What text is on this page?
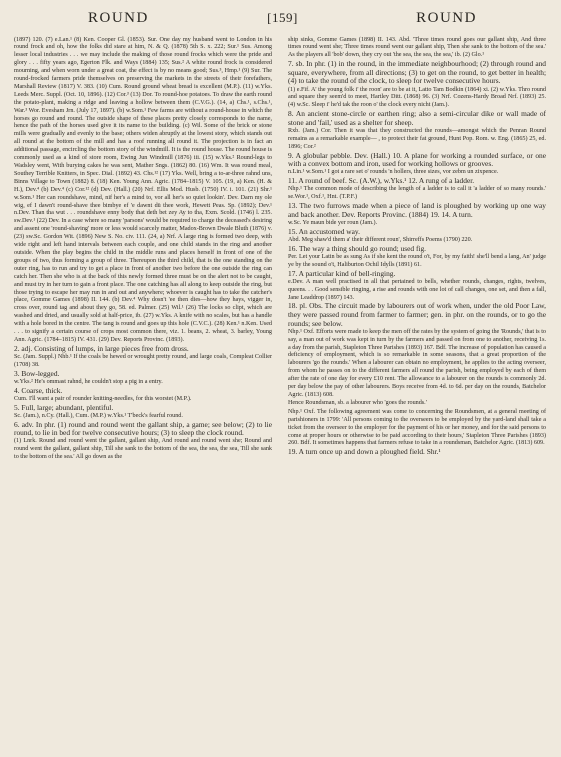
ROUND	[159]	ROUND

(1897) 120. (7) e.Lan.¹ (8) Ken. Cooper Gl. (1853). Sur. One day my husband went to London in his round frock and oh, how the folks did stare at him, N. & Q. (1878) 5th S. x. 222; Sur.¹ Sus. Among lesser local industries . . . we may include the making of those round frocks which were the pride and glory . . . fifty years ago, Egerton Flk. and Ways (1884) 135; Sus.² A white round frock is considered mourning, and when worn under a great coat, the effect is by no means good; Sus.³, Hmp.¹ (9) Sur. The round-frocked farmers pride themselves on preserving the markets in the streets of their forefathers, Marshall Review (1817) V. 383. (10) Cum. Round ground wheat bread is excellent (M.P.). (11) w.Yks. Leeds Merc. Suppl. (Oct. 10, 1896). (12) Cor.³ (13) Dor. To round-hoe potatoes. To draw the earth round the potato-plant, making a ridge and leaving a hollow between them (C.V.G.). (14, a) Chs.¹, s.Chs.¹, War.³ Wor. Evesham Jrn. (July 17, 1897). (b) w.Som.¹ Few farms are without a round-house in which the horses go round and round. The outside shape of these places pretty closely corresponds to the name, hence the path of the horses used give it its name to the building. (c) Wil. Some of the brick or stone mills were gradually and evenly to the base; others widen abruptly at the lowest story, which stands out all round at the bottom of the mill and has a roof running all round it. The projection is in fact an additional passage, encircling the bottom story of the windmill. It is the round house. The round house is commonly used as a kind of store room, Ewing Jun Windmill (1876) iii. (15) w.Yks.² Round-legs to Wadsley went, With burying cakes he was sent, Mather Sngs. (1862) 80. (16) Wm. It was round meal, Southey Terrible Knitters, in Spec. Dial. (1892) 43. Chs.¹² (17) Yks. Well, bring a to-ar-three rahnd uns, Binns Village to Town (1882) 8. (18) Ken. Young Ann. Agric. (1784–1815) V. 105. (19, a) Ken. (H. & H.), Dev.⁴ (b) Dev.⁴ (c) Cor.¹² (d) Dev. (Hall.) (20) Nrf. Ellis Mod. Husb. (1750) IV. i. 101. (21) Shr.¹ w.Som.¹ Her can roundshave, mind, nif her's a mind to, vor all her's so quiet lookin'. Dev. Darn my ole wig, ef I dawn't round-shave thee bimbye ef 'e dawnt dü thee work, Hewett Peas. Sp. (1892); Dev.¹ n.Dev. Than tha wut . . . roundshave enny body that deth bet zey Ay to tha, Exm. Scold. (1746) l. 235. sw.Dev.¹ (22) Dev. In a case where so many 'parsons' would be required to charge the deceased's desiring and assent one 'round-shaving' more or less would scarcely matter, Madox-Brown Dwale Bluth (1876) v. (23) sw.Sc. Gordon Wit. (1896) New S. No. civ. 111. (24, a) Nrf. A large ring is formed two deep, with wide right and left hand intervals between each couple, and one child stands in the ring and another outside. When the play begins the child in the middle runs and places herself in front of one of the groups of two, thus forming a group of three. Thereupon the third child, that is the one standing on the outer ring, has to run and try to get a place in front of another two before the one outside the ring can catch her. Then she who is at the back of this newly formed three must be on the alert not to be caught, and must try in her turn to gain a front place. The one catching has all along to keep outside the ring, but those trying to escape her may run in and out and anywhere; whoever is caught has to take the catcher's place, Gomme Games (1898) II. 144. (b) Dev.⁴ Why dosn't 'ee then dies—how they hays, vigger in, cross over, round tag and about they go, 58. ed. Palmer. (25) Wil.¹ (26) The locks so clipt, which are washed and dried, and usually sold at half-price, ib. (27) w.Yks. A knife with no scales, but has a handle with a hole bored in the centre. The tang is round and goes up this hole (C.V.C.). (28) Ken.¹ n.Ken. Used . . . to signify a certain course of crops most common there, viz. 1. beans, 2. wheat, 3. barley, Young Ann. Agric. (1784–1815) IV. 431. (29) Dev. Reports Provinc. (1893).

2. adj. Consisting of lumps, in large pieces free from dross.

Sc. (Jam. Suppl.) Nhb.¹ If the coals be hewed or wrought pretty round, and large coals, Compleat Collier (1708) 38.

3. Bow-legged.

w.Yks.² He's ommast rahnd, he couldn't stop a pig in a entry.

4. Coarse, thick.

Cum. I'll want a pair of rounder knitting-needles, for this worstet (M.P.).

5. Full, large; abundant, plentiful.

Sc. (Jam.), n.Cy. (Hall.), Cum. (M.P.) w.Yks.¹ T'beck's fearful round.

6. adv. In phr. (1) round and round went the gallant ship, a game; see below; (2) to lie round, to lie in bed for twelve consecutive hours; (3) to sleep the clock round.

(1) Lnrk. Round and round went the gallant, gallant ship, And round and round went she; Round and round went the gallant, gallant ship, Till she sank to the bottom of the sea, the sea, the sea, Till she sank to the bottom of the sea.' All go down as the

ship sinks, Gomme Games (1898) II. 143. Abd. 'Three times round goes our gallant ship, And three times round went she; Three times round went our gallant ship, Then she sank to the bottom of the sea.' As the players all 'bob' down, they cry out 'the sea, the sea, the sea,' ib. (2) Glo.¹

7. sb. In phr. (1) in the round, in the immediate neighbourhood; (2) through round and square, everywhere, from all directions; (3) to get on the round, to get better in health; (4) to take the round of the clock, to sleep for twelve consecutive hours.

(1) e.Fif. A' the young folk i' the roon' are to be at it, Latto Tam Bodkin (1864) xi. (2) w.Yks. Thro round and square they seem'd to meet, Hartley Ditt. (1868) 96. (3) Nrf. Cozens-Hardy Broad Nrf. (1893) 25. (4) w.Sc. Sleep i' he'd tak the roon o' the clock every nicht (Jam.).

8. An ancient stone-circle or earthen ring; also a semi-circular dike or wall made of stone and 'fail,' used as a shelter for sheep.

Rxb. (Jam.) Cor. Then it was that they constructed the rounds—amongst which the Penran Round remains as a remarkable example— , to protect their fat ground, Hunt Pop. Rom. w. Eng. (1865) 25, ed. 1896; Cor.²

9. A globular pebble. Dev. (Hall.) 10. A plane for working a rounded surface, or one with a convex bottom and iron, used for working hollows or grooves.

n.Lin.¹ w.Som.¹ I got a rare set o' rounds 'n hollers, three sizes, vor zebm un zixpence.

11. A round of beef. Sc. (A.W.), w.Yks.¹ 12. A rung of a ladder.

Nhp.¹ The common mode of describing the length of a ladder is to call it 'a ladder of so many rounds.' se.Wor.¹, Oxf.¹, Hnt. (T.P.F.)

13. The two furrows made when a piece of land is ploughed by working up one way and back another. Dev. Reports Provinc. (1884) 19. 14. A turn.

w.Sc. Ye maun bide yer roun (Jam.).

15. An accustomed way.

Abd. Meg shaw'd them a' their different roun', Shirreffs Poems (1790) 220.

16. The way a thing should go round; used fig.

Per. Let your Latin be as sung As if she kent the round o't, For, by my faith! she'll bend a lang, An' judge ye by the sound o't, Haliburton Ochil Idylls (1891) 61.

17. A particular kind of bell-ringing.

e.Dev. A man well practised in all that pertained to bells, whether rounds, changes, rights, twelves, queens. . . Good sensible ringing, a rise and rounds with one lot of call changes, one set, and then a fall, Jane Leaddrop (1897) 143.

18. pl. Obs. The circuit made by labourers out of work when, under the old Poor Law, they were passed round from farmer to farmer; gen. in phr. on the rounds, or to go the rounds; see below.

Nhp.¹ Oxf. Efforts were made to keep the men off the rates by the system of going the 'Rounds,' that is to say, a man out of work was kept in turn by the farmers and passed on from one to another, receiving 1s. a day from the parish, Stapleton Three Parishes (1893) 167. Bdf. The increase of population has caused a deficiency of employment, which is so remarkable in some seasons, that a great proportion of the labourers 'go the rounds.' When a labourer can obtain no employment, he applies to the acting overseer, from whom he passes on to the different farmers all round the parish, being employed by each of them after the rate of one day for every £10 rent. The allowance to a labourer on the rounds is commonly 2d. per day below the pay of other labourers. Boys receive from 4d. to 6d. per day on the rounds, Batchelor Agric. (1813) 608.

Hence Roundsman, sb. a labourer who 'goes the rounds.'

Nhp.¹ Oxf. The following agreement was come to concerning the Roundsmen, at a general meeting of parishioners in 1799: 'All persons coming to the overseers to be employed by the yard-land shall take a ticket from the overseer to the employer for the payment of his or her money, and for the said persons to come at proper hours or otherwise to be paid according to their hours,' Stapleton Three Parishes (1893) 260. Bdf. It sometimes happens that farmers refuse to take in a roundsman, Batchelor Agric. (1813) 609.

19. A turn once up and down a ploughed field. Shr.¹
